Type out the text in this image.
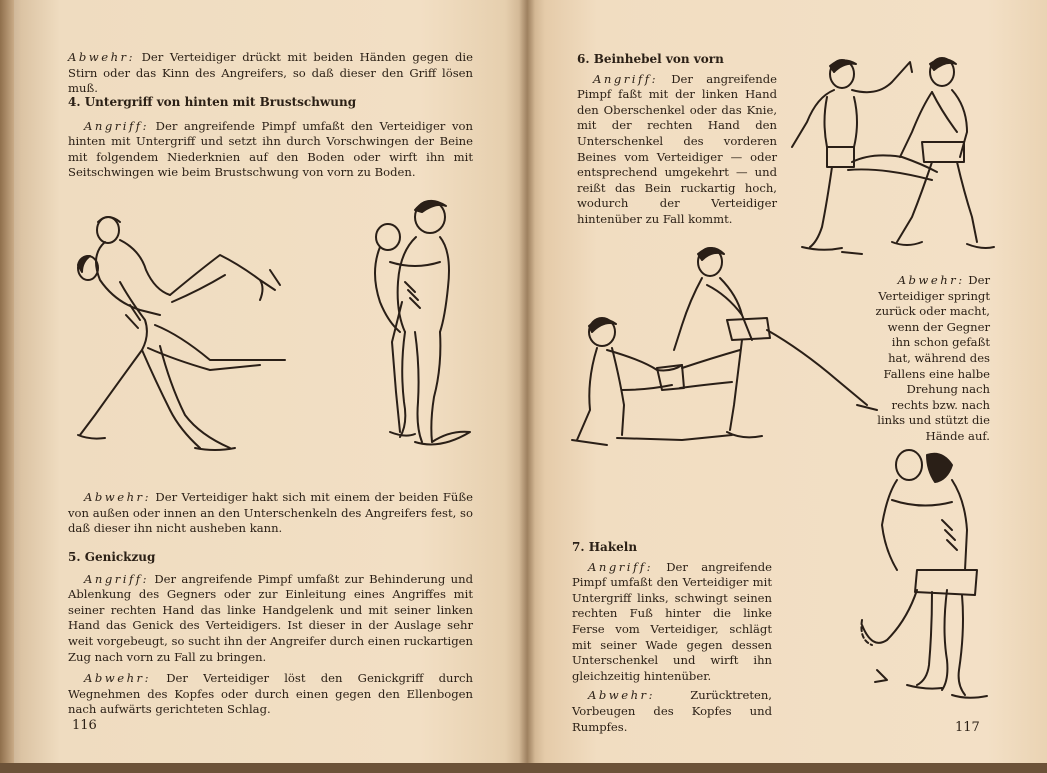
Abwehr: Der Verteidiger drückt mit beiden Händen gegen die Stirn oder das Kinn des Angreifers, so daß dieser den Griff lösen muß.

4. Untergriff von hinten mit Brustschwung

Angriff: Der angreifende Pimpf umfaßt den Verteidiger von hinten mit Untergriff und setzt ihn durch Vorschwingen der Beine mit folgendem Niederknien auf den Boden oder wirft ihn mit Seitschwingen wie beim Brustschwung von vorn zu Boden.

Abwehr: Der Verteidiger hakt sich mit einem der beiden Füße von außen oder innen an den Unterschenkeln des Angreifers fest, so daß dieser ihn nicht ausheben kann.

5. Genickzug

Angriff: Der angreifende Pimpf umfaßt zur Behinderung und Ablenkung des Gegners oder zur Einleitung eines Angriffes mit seiner rechten Hand das linke Handgelenk und mit seiner linken Hand das Genick des Verteidigers. Ist dieser in der Auslage sehr weit vorgebeugt, so sucht ihn der Angreifer durch einen ruckartigen Zug nach vorn zu Fall zu bringen.

Abwehr: Der Verteidiger löst den Genickgriff durch Wegnehmen des Kopfes oder durch einen gegen den Ellenbogen nach aufwärts gerichteten Schlag.

116
6. Beinhebel von vorn

Angriff: Der angreifende Pimpf faßt mit der linken Hand den Oberschenkel oder das Knie, mit der rechten Hand den Unterschenkel des vorderen Beines vom Verteidiger — oder entsprechend umgekehrt — und reißt das Bein ruckartig hoch, wodurch der Verteidiger hintenüber zu Fall kommt.

Abwehr: Der Verteidiger springt zurück oder macht, wenn der Gegner ihn schon gefaßt hat, während des Fallens eine halbe Drehung nach rechts bzw. nach links und stützt die Hände auf.

7. Hakeln

Angriff: Der angreifende Pimpf umfaßt den Verteidiger mit Untergriff links, schwingt seinen rechten Fuß hinter die linke Ferse vom Verteidiger, schlägt mit seiner Wade gegen dessen Unterschenkel und wirft ihn gleichzeitig hintenüber.

Abwehr:	Zurücktreten, Vorbeugen des Kopfes und Rumpfes.	117
